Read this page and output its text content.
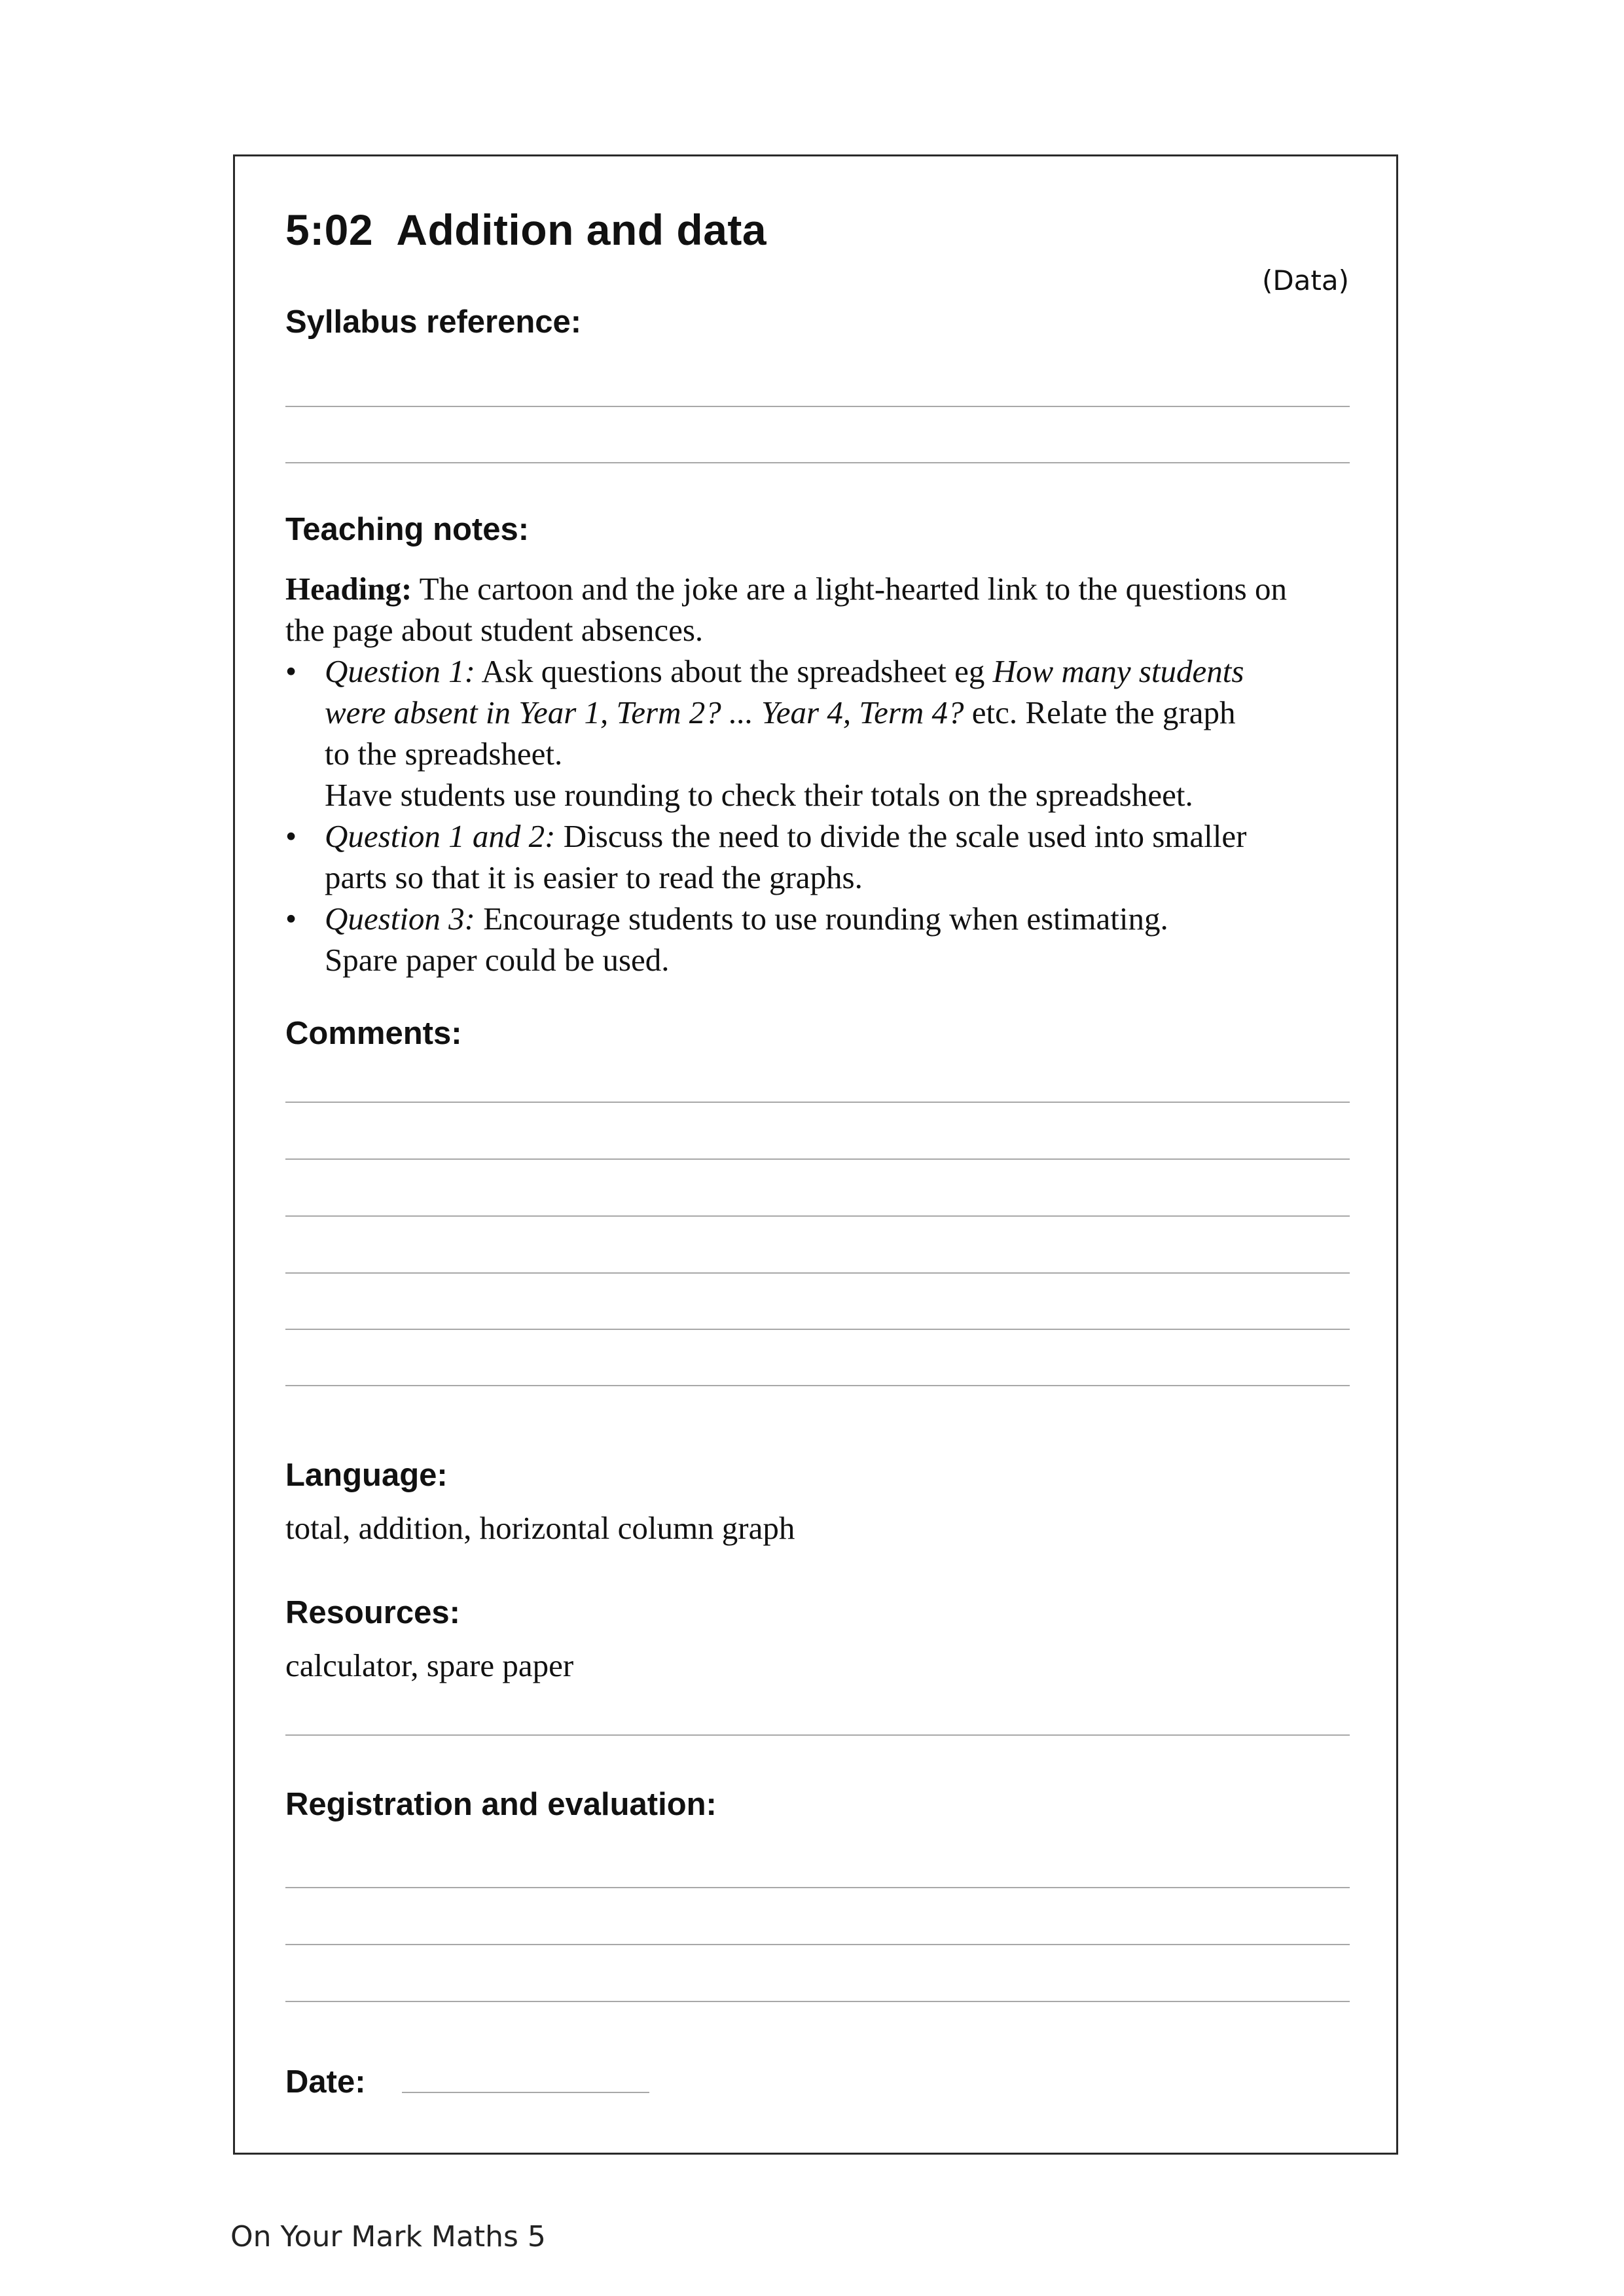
5:02  Addition and data
(Data)
Syllabus reference:
Teaching notes:

Heading: The cartoon and the joke are a light-hearted link to the questions on

the page about student absences.

• Question 1: Ask questions about the spreadsheet eg How many students
were absent in Year 1, Term 2? ... Year 4, Term 4? etc. Relate the graph
to the spreadsheet.
Have students use rounding to check their totals on the spreadsheet.
• Question 1 and 2: Discuss the need to divide the scale used into smaller
parts so that it is easier to read the graphs.
• Question 3: Encourage students to use rounding when estimating.
Spare paper could be used.
Comments:
Language:
total, addition, horizontal column graph
Resources:
calculator, spare paper
Registration and evaluation:
Date:
On Your Mark Maths 5
